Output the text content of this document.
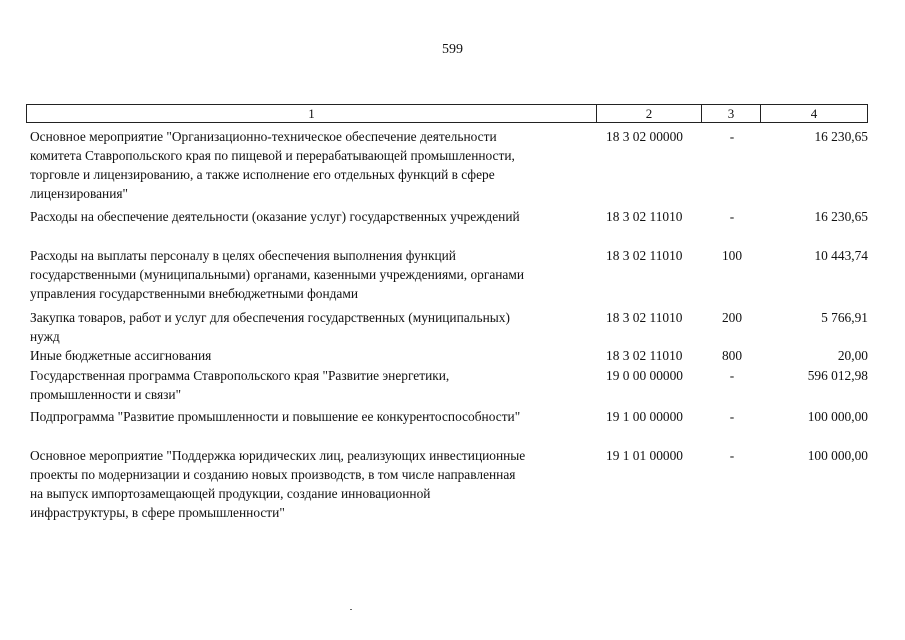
599
1	2	3	4
Основное мероприятие "Организационно-техническое обеспечение деятельности
комитета Ставропольского края по пищевой и перерабатывающей промышленности,
торговле и лицензированию, а также исполнение его отдельных функций в сфере
лицензирования"
18 3 02 00000	-	16 230,65
Расходы на обеспечение деятельности (оказание услуг) государственных учреждений	18 3 02 11010	-	16 230,65
Расходы на выплаты персоналу в целях обеспечения выполнения функций
государственными (муниципальными) органами, казенными учреждениями, органами
управления государственными внебюджетными фондами
18 3 02 11010	100	10 443,74
Закупка товаров, работ и услуг для обеспечения государственных (муниципальных)
нужд
18 3 02 11010	200	5 766,91
Иные бюджетные ассигнования	18 3 02 11010	800	20,00
Государственная программа Ставропольского края "Развитие энергетики,
промышленности и связи"
19 0 00 00000	-	596 012,98
Подпрограмма "Развитие промышленности и повышение ее конкурентоспособности"	19 1 00 00000	-	100 000,00
Основное мероприятие "Поддержка юридических лиц, реализующих инвестиционные
проекты по модернизации и созданию новых производств, в том числе направленная
на выпуск импортозамещающей продукции, создание инновационной
инфраструктуры, в сфере промышленности"
19 1 01 00000	-	100 000,00
